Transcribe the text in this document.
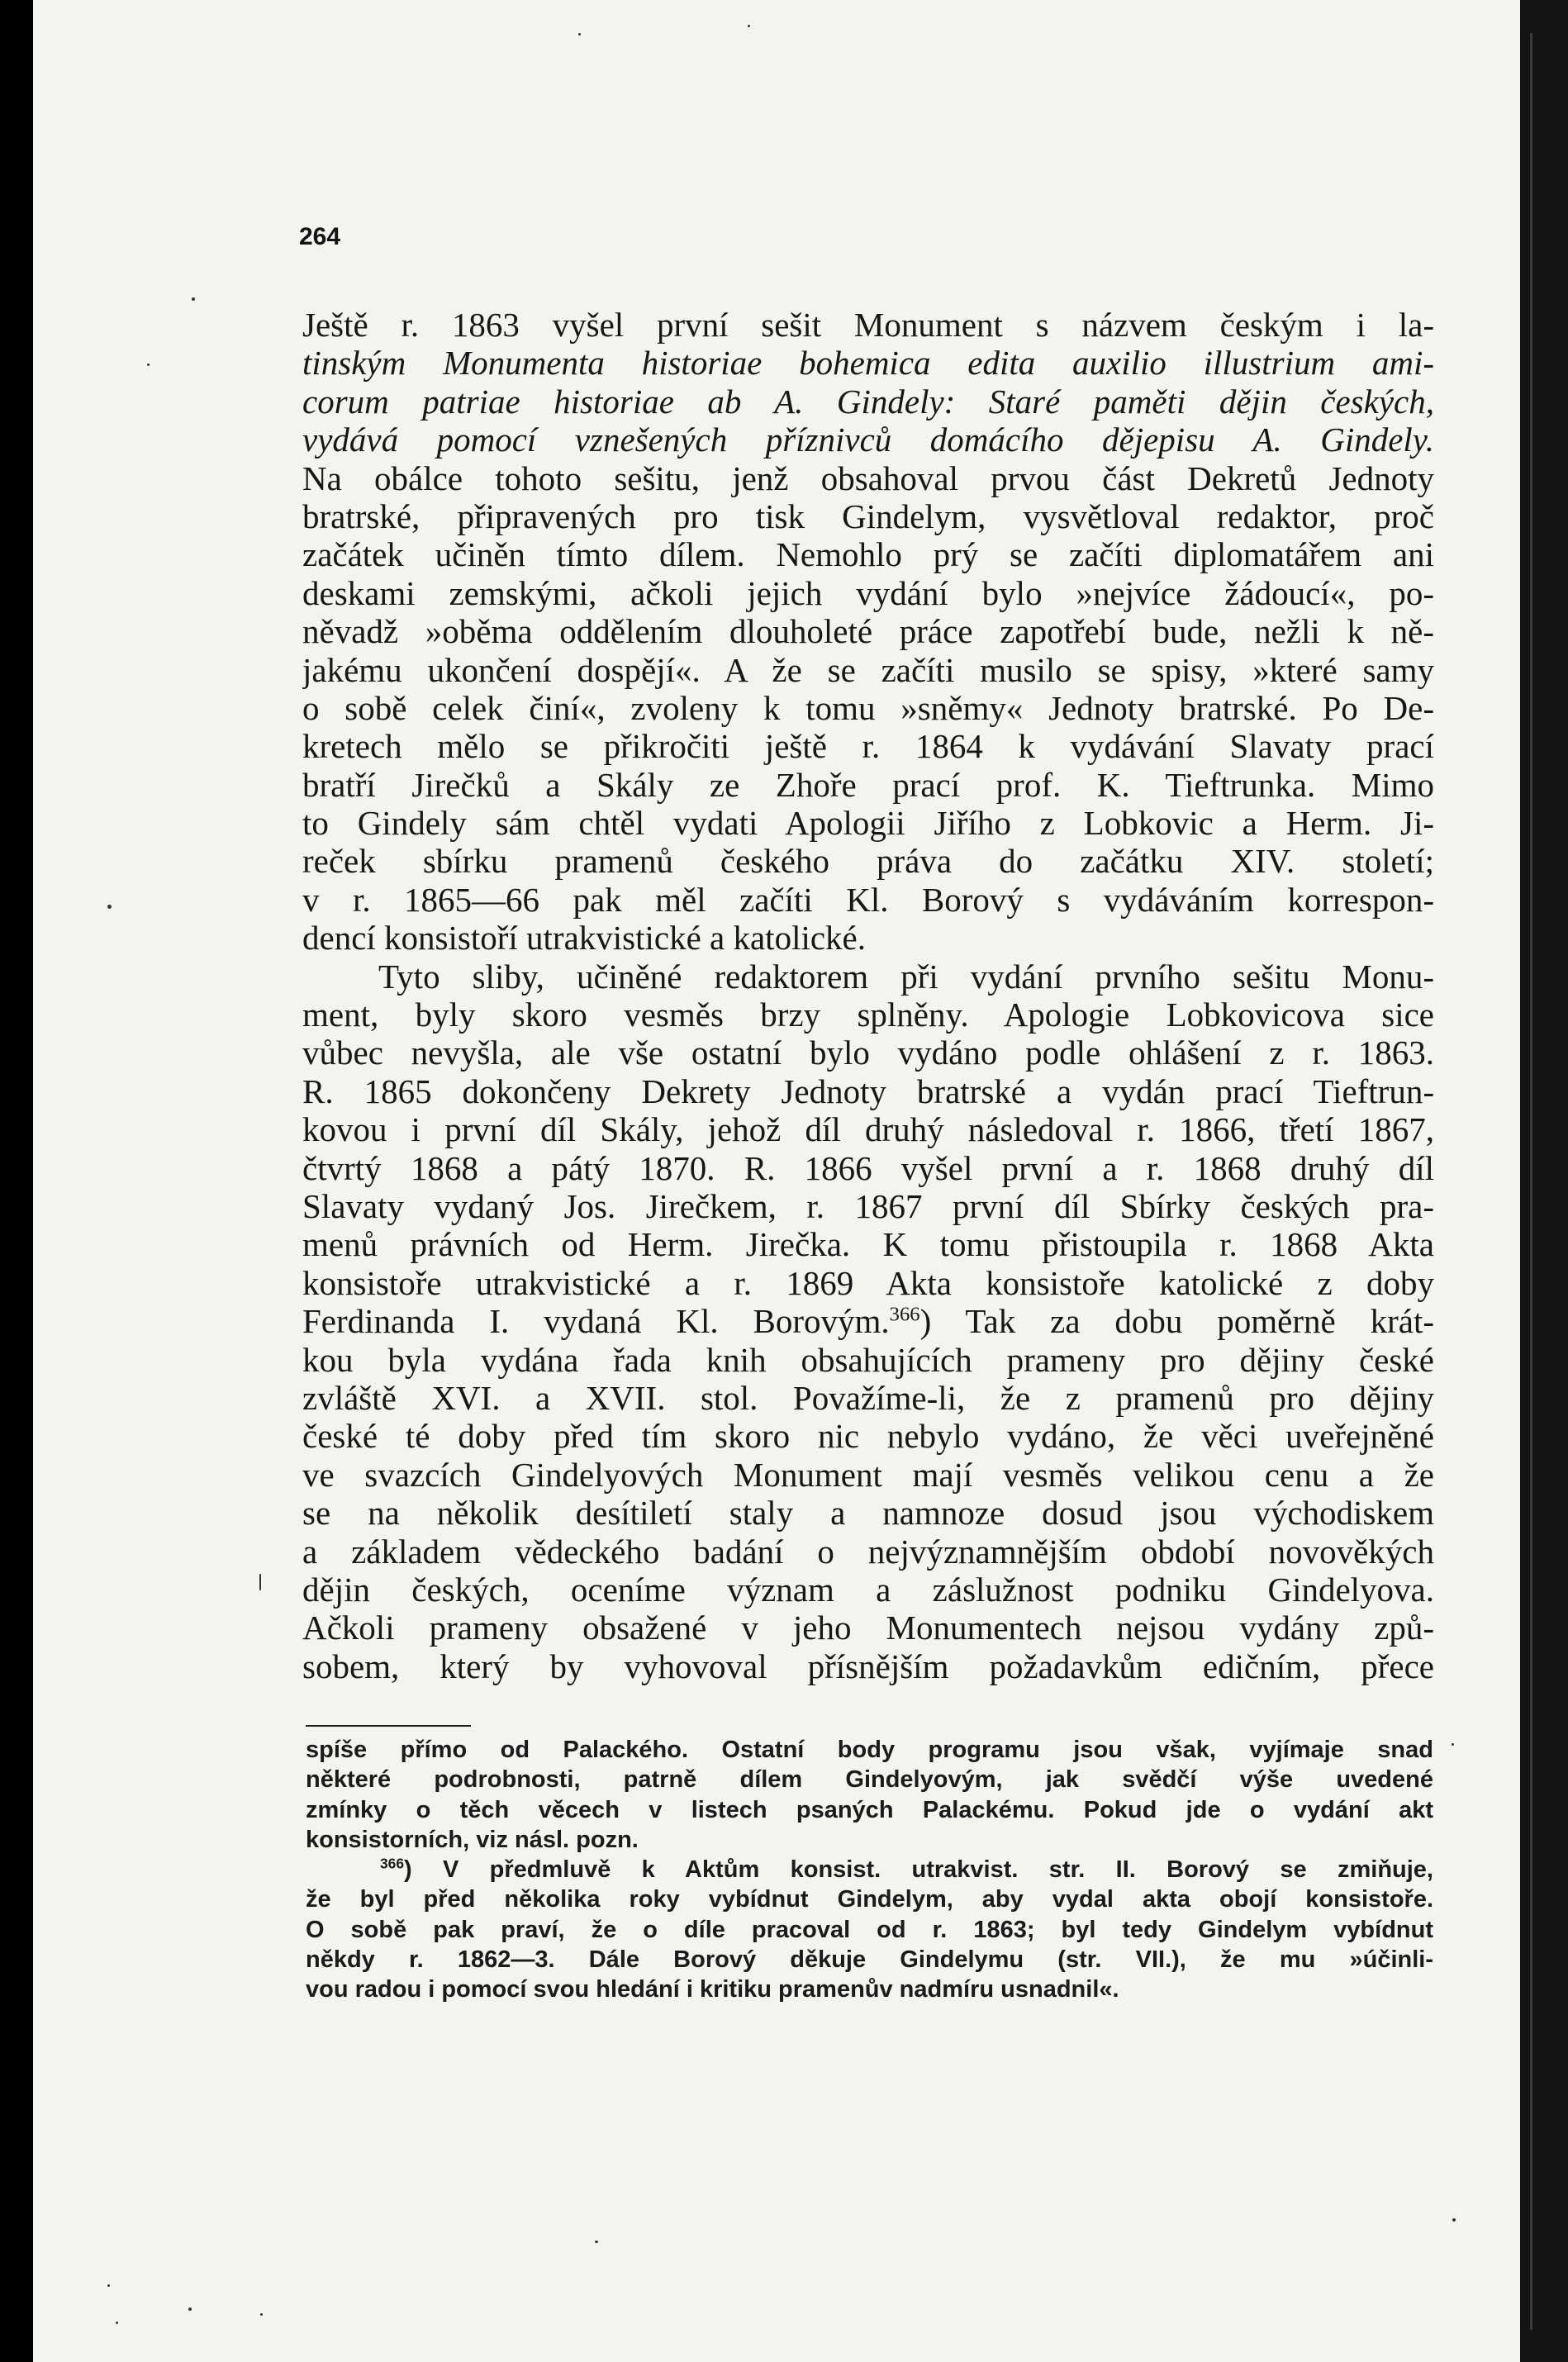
264

Ještě r. 1863 vyšel první sešit Monument s názvem českým i la-
tinským Monumenta historiae bohemica edita auxilio illustrium ami-
corum patriae historiae ab A. Gindely: Staré paměti dějin českých,
vydává pomocí vznešených příznivců domácího dějepisu A. Gindely.
Na obálce tohoto sešitu, jenž obsahoval prvou část Dekretů Jednoty
bratrské, připravených pro tisk Gindelym, vysvětloval redaktor, proč
začátek učiněn tímto dílem. Nemohlo prý se začíti diplomatářem ani
deskami zemskými, ačkoli jejich vydání bylo »nejvíce žádoucí«, po-
něvadž »oběma oddělením dlouholeté práce zapotřebí bude, nežli k ně-
jakému ukončení dospějí«. A že se začíti musilo se spisy, »které samy
o sobě celek činí«, zvoleny k tomu »sněmy« Jednoty bratrské. Po De-
kretech mělo se přikročiti ještě r. 1864 k vydávání Slavaty prací
bratří Jirečků a Skály ze Zhoře prací prof. K. Tieftrunka. Mimo
to Gindely sám chtěl vydati Apologii Jiřího z Lobkovic a Herm. Ji-
reček sbírku pramenů českého práva do začátku XIV. století;
v r. 1865—66 pak měl začíti Kl. Borový s vydáváním korrespon-
dencí konsistoří utrakvistické a katolické.
Tyto sliby, učiněné redaktorem při vydání prvního sešitu Monu-
ment, byly skoro vesměs brzy splněny. Apologie Lobkovicova sice
vůbec nevyšla, ale vše ostatní bylo vydáno podle ohlášení z r. 1863.
R. 1865 dokončeny Dekrety Jednoty bratrské a vydán prací Tieftrun-
kovou i první díl Skály, jehož díl druhý následoval r. 1866, třetí 1867,
čtvrtý 1868 a pátý 1870. R. 1866 vyšel první a r. 1868 druhý díl
Slavaty vydaný Jos. Jirečkem, r. 1867 první díl Sbírky českých pra-
menů právních od Herm. Jirečka. K tomu přistoupila r. 1868 Akta
konsistoře utrakvistické a r. 1869 Akta konsistoře katolické z doby
Ferdinanda I. vydaná Kl. Borovým.$^{366}$) Tak za dobu poměrně krát-
kou byla vydána řada knih obsahujících prameny pro dějiny české
zvláště XVI. a XVII. stol. Považíme-li, že z pramenů pro dějiny
české té doby před tím skoro nic nebylo vydáno, že věci uveřejněné
ve svazcích Gindelyových Monument mají vesměs velikou cenu a že
se na několik desítiletí staly a namnoze dosud jsou východiskem
a základem vědeckého badání o nejvýznamnějším období novověkých
dějin českých, oceníme význam a záslužnost podniku Gindelyova.
Ačkoli prameny obsažené v jeho Monumentech nejsou vydány způ-
sobem, který by vyhovoval přísnějším požadavkům edičním, přece
spíše přímo od Palackého. Ostatní body programu jsou však, vyjímaje snad
některé podrobnosti, patrně dílem Gindelyovým, jak svědčí výše uvedené
zmínky o těch věcech v listech psaných Palackému. Pokud jde o vydání akt
konsistorních, viz násl. pozn.
$^{366}$) V předmluvě k Aktům konsist. utrakvist. str. II. Borový se zmiňuje,
že byl před několika roky vybídnut Gindelym, aby vydal akta obojí konsistoře.
O sobě pak praví, že o díle pracoval od r. 1863; byl tedy Gindelym vybídnut
někdy r. 1862—3. Dále Borový děkuje Gindelymu (str. VII.), že mu »účinli-
vou radou i pomocí svou hledání i kritiku pramenův nadmíru usnadnil«.
